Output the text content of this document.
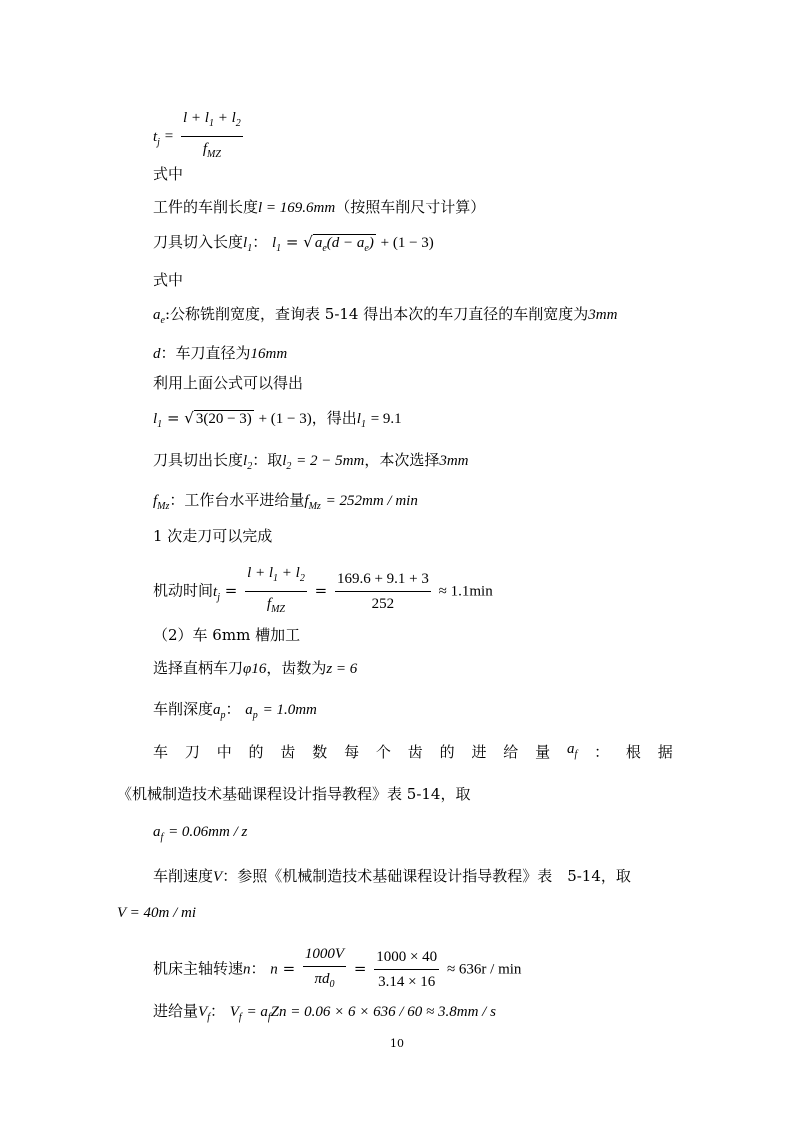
$t_j = \frac{l + l_1 + l_2}{f_{MZ}}$
式中
工件的车削长度l = 169.6mm（按照车削尺寸计算）
刀具切入长度$l_1$： $l_1$ = √ $a_e(d - a_e) + (1 - 3)$
式中
$a_e$:公称铣削宽度，查询表 5-14 得出本次的车刀直径的车削宽度为3mm
d：车刀直径为16mm
利用上面公式可以得出
$l_1$ = √ 3(20 − 3) + (1 − 3)，得出$l_1 = 9.1$
刀具切出长度$l_2$：取$l_2 = 2 - 5mm$，本次选择3mm
$f_{Mz}$：工作台水平进给量$f_{Mz} = 252mm / \min$
1 次走刀可以完成
机动时间$t_j = \frac{l + l_1 + l_2}{f_{MZ}} = \frac{169.6 + 9.1 + 3}{252} \approx 1.1\min$
（2）车 6mm 槽加工
选择直柄车刀φ16，齿数为z = 6
车削深度$a_p$： $a_p = 1.0mm$
车 刀 中 的 齿 数 每 个 齿 的 进 给 量 $a_f$ ： 根 据
《机械制造技术基础课程设计指导教程》表 5-14，取
$a_f = 0.06mm / z$
车削速度V：参照《机械制造技术基础课程设计指导教程》表　5-14，取
V = 40m / mi
机床主轴转速n： $n = \frac{1000V}{\pi d_0} = \frac{1000 \times 40}{3.14 \times 16} \approx 636r / \min$
进给量$V_f$： $V_f = a_fZn = 0.06 \times 6 \times 636 / 60 \approx 3.8mm / s$
10
